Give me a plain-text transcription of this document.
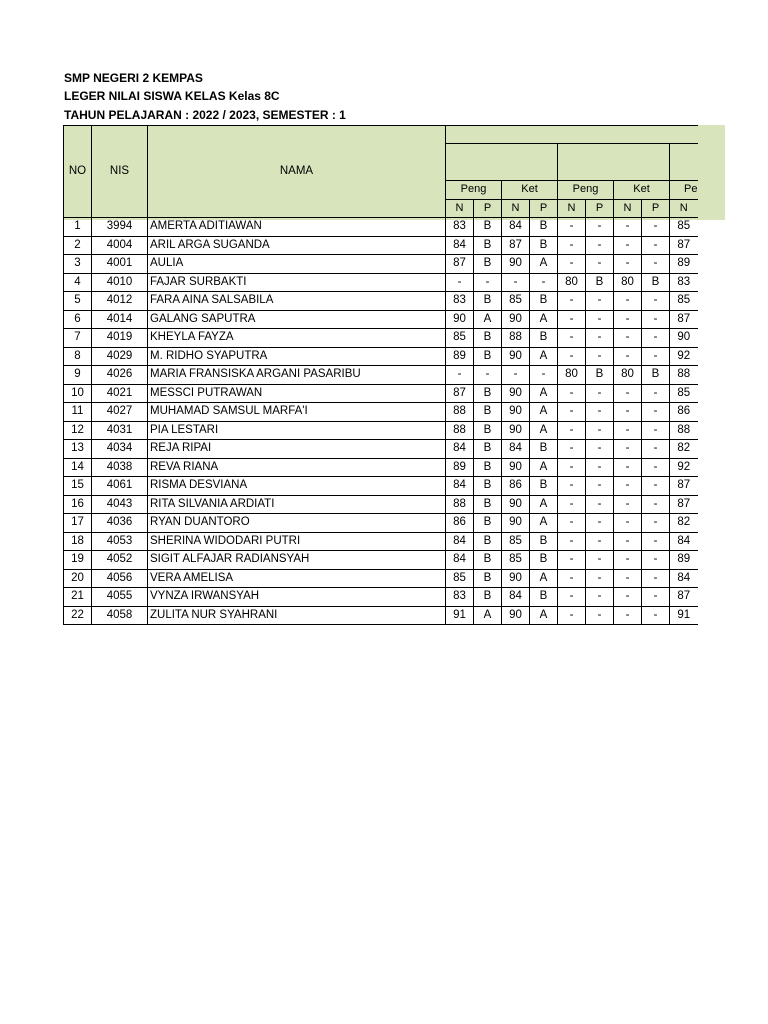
SMP NEGERI 2 KEMPAS
LEGER NILAI SISWA KELAS Kelas 8C
TAHUN PELAJARAN : 2022 / 2023, SEMESTER : 1
NO	NIS	NAMA									

			Peng		Ket		Peng		Ket		Pe
			N	P	N	P	N	P	N	P	N
1	3994	AMERTA ADITIAWAN	83	B	84	B	-	-	-	-	85
2	4004	ARIL ARGA SUGANDA	84	B	87	B	-	-	-	-	87
3	4001	AULIA	87	B	90	A	-	-	-	-	89
4	4010	FAJAR SURBAKTI	-	-	-	-	80	B	80	B	83
5	4012	FARA AINA SALSABILA	83	B	85	B	-	-	-	-	85
6	4014	GALANG SAPUTRA	90	A	90	A	-	-	-	-	87
7	4019	KHEYLA FAYZA	85	B	88	B	-	-	-	-	90
8	4029	M. RIDHO SYAPUTRA	89	B	90	A	-	-	-	-	92
9	4026	MARIA FRANSISKA ARGANI PASARIBU	-	-	-	-	80	B	80	B	88
10	4021	MESSCI PUTRAWAN	87	B	90	A	-	-	-	-	85
11	4027	MUHAMAD SAMSUL MARFA'I	88	B	90	A	-	-	-	-	86
12	4031	PIA LESTARI	88	B	90	A	-	-	-	-	88
13	4034	REJA RIPAI	84	B	84	B	-	-	-	-	82
14	4038	REVA RIANA	89	B	90	A	-	-	-	-	92
15	4061	RISMA DESVIANA	84	B	86	B	-	-	-	-	87
16	4043	RITA SILVANIA ARDIATI	88	B	90	A	-	-	-	-	87
17	4036	RYAN DUANTORO	86	B	90	A	-	-	-	-	82
18	4053	SHERINA WIDODARI PUTRI	84	B	85	B	-	-	-	-	84
19	4052	SIGIT ALFAJAR RADIANSYAH	84	B	85	B	-	-	-	-	89
20	4056	VERA AMELISA	85	B	90	A	-	-	-	-	84
21	4055	VYNZA IRWANSYAH	83	B	84	B	-	-	-	-	87
22	4058	ZULITA NUR SYAHRANI	91	A	90	A	-	-	-	-	91
